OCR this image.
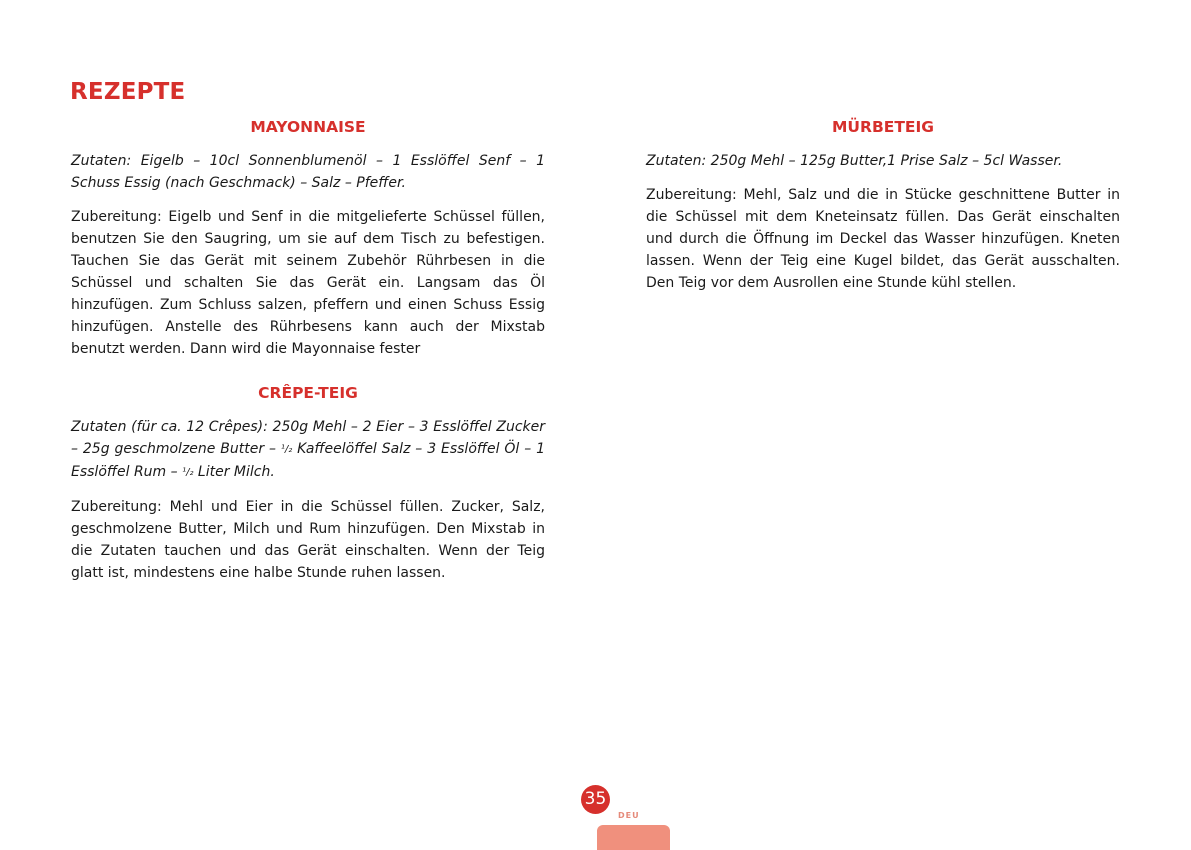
REZEPTE
MAYONNAISE

Zutaten: Eigelb – 10cl Sonnenblumenöl – 1 Esslöffel Senf – 1 Schuss Essig (nach Geschmack) – Salz – Pfeffer.

Zubereitung: Eigelb und Senf in die mitgelieferte Schüssel füllen, benutzen Sie den Saugring, um sie auf dem Tisch zu befestigen. Tauchen Sie das Gerät mit seinem Zubehör Rührbesen in die Schüssel und schalten Sie das Gerät ein. Langsam das Öl hinzufügen. Zum Schluss salzen, pfeffern und einen Schuss Essig hinzufügen. Anstelle des Rührbesens kann auch der Mixstab benutzt werden. Dann wird die Mayonnaise fester

CRÊPE-TEIG

Zutaten (für ca. 12 Crêpes): 250g Mehl – 2 Eier – 3 Esslöffel Zucker – 25g geschmolzene Butter – ¹/₂ Kaffeelöffel Salz – 3 Esslöffel Öl – 1 Esslöffel Rum – ¹/₂ Liter Milch.

Zubereitung: Mehl und Eier in die Schüssel füllen. Zucker, Salz, geschmolzene Butter, Milch und Rum hinzufügen. Den Mixstab in die Zutaten tauchen und das Gerät einschalten. Wenn der Teig glatt ist, mindestens eine halbe Stunde ruhen lassen.

MÜRBETEIG

Zutaten: 250g Mehl – 125g Butter,1 Prise Salz – 5cl Wasser.

Zubereitung: Mehl, Salz und die in Stücke geschnittene Butter in die Schüssel mit dem Kneteinsatz füllen. Das Gerät einschalten und durch die Öffnung im Deckel das Wasser hinzufügen. Kneten lassen. Wenn der Teig eine Kugel bildet, das Gerät ausschalten. Den Teig vor dem Ausrollen eine Stunde kühl stellen.

35
DEU
